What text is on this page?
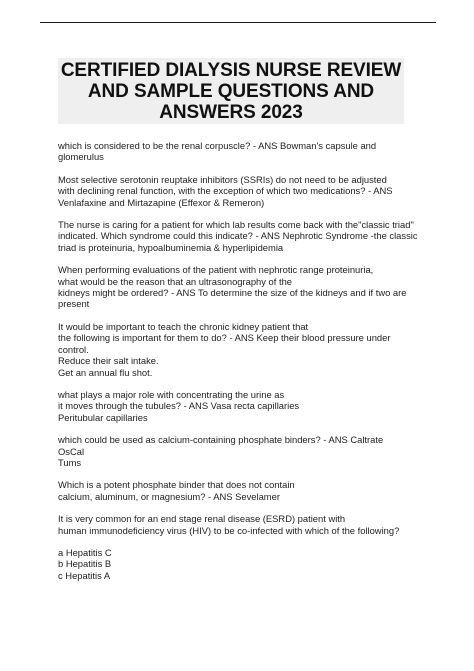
CERTIFIED DIALYSIS NURSE REVIEW
AND SAMPLE QUESTIONS AND
ANSWERS 2023
which is considered to be the renal corpuscle? - ANS Bowman's capsule and
glomerulus
Most selective serotonin reuptake inhibitors (SSRIs) do not need to be adjusted
with declining renal function, with the exception of which two medications? - ANS
Venlafaxine and Mirtazapine (Effexor & Remeron)
The nurse is caring for a patient for which lab results come back with the"classic triad"
indicated. Which syndrome could this indicate? - ANS Nephrotic Syndrome -the classic
triad is proteinuria, hypoalbuminemia & hyperlipidemia
When performing evaluations of the patient with nephrotic range proteinuria,
what would be the reason that an ultrasonography of the
kidneys might be ordered? - ANS To determine the size of the kidneys and if two are
present
It would be important to teach the chronic kidney patient that
the following is important for them to do? - ANS Keep their blood pressure under
control.
Reduce their salt intake.
Get an annual flu shot.
what plays a major role with concentrating the urine as
it moves through the tubules? - ANS Vasa recta capillaries
Peritubular capillaries
which could be used as calcium-containing phosphate binders? - ANS Caltrate
OsCal
Tums
Which is a potent phosphate binder that does not contain
calcium, aluminum, or magnesium? - ANS Sevelamer
It is very common for an end stage renal disease (ESRD) patient with
human immunodeficiency virus (HIV) to be co-infected with which of the following?
a Hepatitis C
b Hepatitis B
c Hepatitis A
